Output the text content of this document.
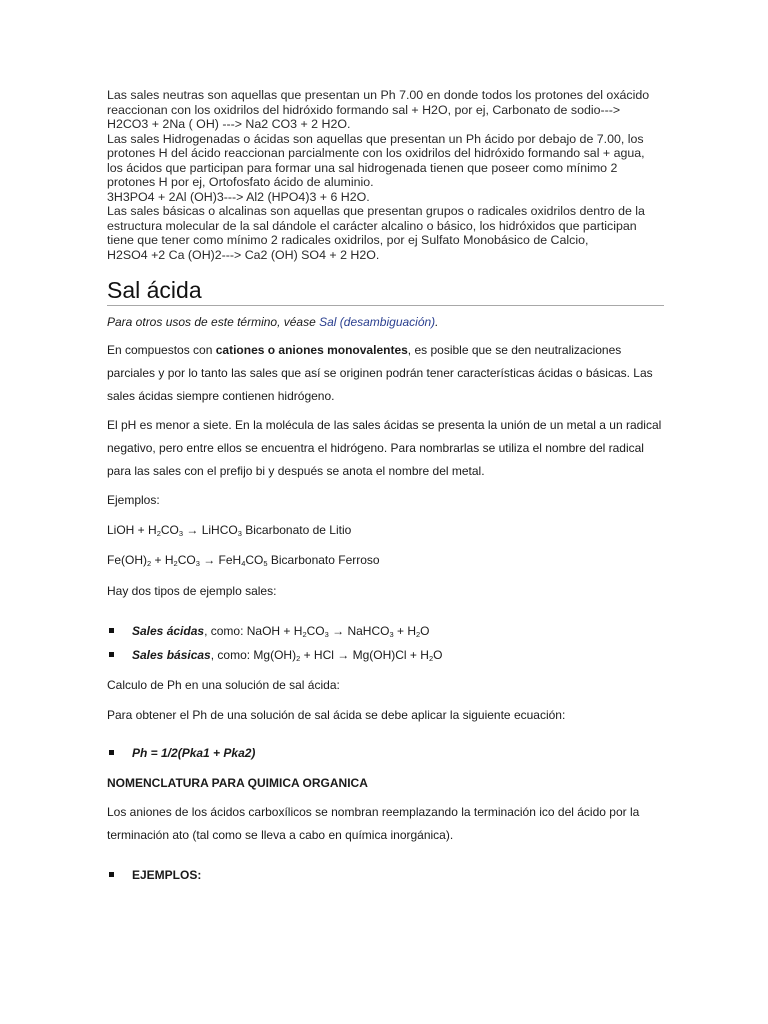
Las sales neutras son aquellas que presentan un Ph 7.00 en donde todos los protones del oxácido
reaccionan con los oxidrilos del hidróxido formando sal + H2O, por ej, Carbonato de sodio--->
H2CO3 + 2Na ( OH) ---> Na2 CO3 + 2 H2O.
Las sales Hidrogenadas o ácidas son aquellas que presentan un Ph ácido por debajo de 7.00, los
protones H del ácido reaccionan parcialmente con los oxidrilos del hidróxido formando sal + agua,
los ácidos que participan para formar una sal hidrogenada tienen que poseer como mínimo 2
protones H por ej, Ortofosfato ácido de aluminio.
3H3PO4 + 2Al (OH)3---> Al2 (HPO4)3 + 6 H2O.
Las sales básicas o alcalinas son aquellas que presentan grupos o radicales oxidrilos dentro de la
estructura molecular de la sal dándole el carácter alcalino o básico, los hidróxidos que participan
tiene que tener como mínimo 2 radicales oxidrilos, por ej Sulfato Monobásico de Calcio,
H2SO4 +2 Ca (OH)2---> Ca2 (OH) SO4 + 2 H2O.
Sal ácida
Para otros usos de este término, véase Sal (desambiguación).
En compuestos con cationes o aniones monovalentes, es posible que se den neutralizaciones
parciales y por lo tanto las sales que así se originen podrán tener características ácidas o básicas. Las
sales ácidas siempre contienen hidrógeno.
El pH es menor a siete. En la molécula de las sales ácidas se presenta la unión de un metal a un radical
negativo, pero entre ellos se encuentra el hidrógeno. Para nombrarlas se utiliza el nombre del radical
para las sales con el prefijo bi y después se anota el nombre del metal.
Ejemplos:
LiOH + $H_2CO_3$ → LiHCO$_3$ Bicarbonato de Litio
$Fe(OH)_2 + H_2CO_3 \to FeH_4CO_5$ Bicarbonato Ferroso
Hay dos tipos de ejemplo sales:
Sales ácidas, como: NaOH + $H_2CO_3$ → NaHCO$_3$ + $H_2O$
Sales básicas, como: $Mg(OH)_2$ + HCl → $Mg(OH)Cl + H_2O$
Calculo de Ph en una solución de sal ácida:
Para obtener el Ph de una solución de sal ácida se debe aplicar la siguiente ecuación:
Ph = 1/2(Pka1 + Pka2)
NOMENCLATURA PARA QUIMICA ORGANICA
Los aniones de los ácidos carboxílicos se nombran reemplazando la terminación ico del ácido por la
terminación ato (tal como se lleva a cabo en química inorgánica).
EJEMPLOS:
